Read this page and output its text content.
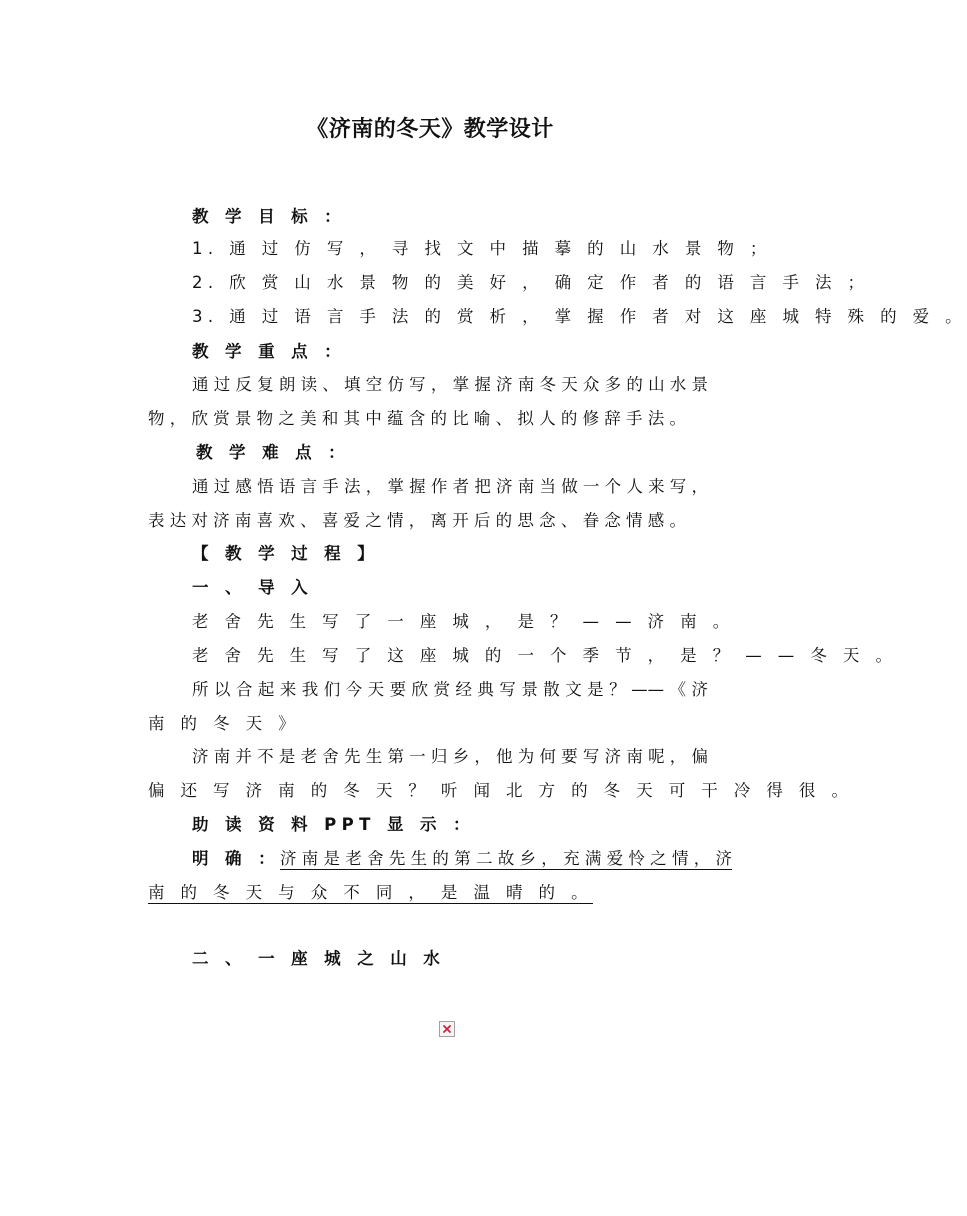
《济南的冬天》教学设计
教 学 目 标 ：
1. 通 过 仿 写 ， 寻 找 文 中 描 摹 的 山 水 景 物 ；
2. 欣 赏 山 水 景 物 的 美 好 ， 确 定 作 者 的 语 言 手 法 ；
3. 通 过 语 言 手 法 的 赏 析 ， 掌 握 作 者 对 这 座 城 特 殊 的 爱 。
教 学 重 点 ：
通过反复朗读、填空仿写，掌握济南冬天众多的山水景
物，欣赏景物之美和其中蕴含的比喻、拟人的修辞手法。
教 学 难 点 ：
通过感悟语言手法，掌握作者把济南当做一个人来写，
表达对济南喜欢、喜爱之情，离开后的思念、眷念情感。
【 教 学 过 程 】
一 、 导 入
老 舍 先 生 写 了 一 座 城 ， 是 ？ — — 济 南 。
老 舍 先 生 写 了 这 座 城 的 一 个 季 节 ， 是 ？ — — 冬 天 。
所以合起来我们今天要欣赏经典写景散文是？——《济
南 的 冬 天 》
济南并不是老舍先生第一归乡，他为何要写济南呢，偏
偏 还 写 济 南 的 冬 天 ？ 听 闻 北 方 的 冬 天 可 干 冷 得 很 。
助 读 资 料 PPT 显 示 ：
明 确 ：济南是老舍先生的第二故乡，充满爱怜之情，济
南 的 冬 天 与 众 不 同 ， 是 温 晴 的 。
二 、 一 座 城 之 山 水
